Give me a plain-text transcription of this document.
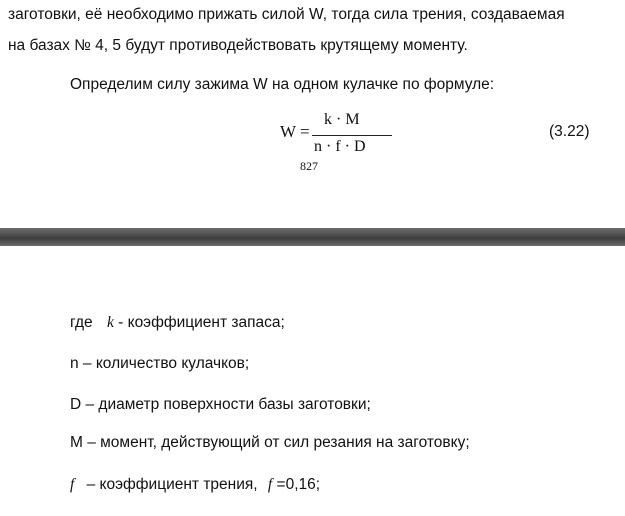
заготовки, её необходимо прижать силой W, тогда сила трения, создаваемая
на базах № 4, 5 будут противодействовать крутящему моменту.
Определим силу зажима W на одном кулачке по формуле:
W =
k · M
n · f · D
(3.22)
827
где k - коэффициент запаса;
n – количество кулачков;
D – диаметр поверхности базы заготовки;
M – момент, действующий от сил резания на заготовку;
f – коэффициент трения, f =0,16;
